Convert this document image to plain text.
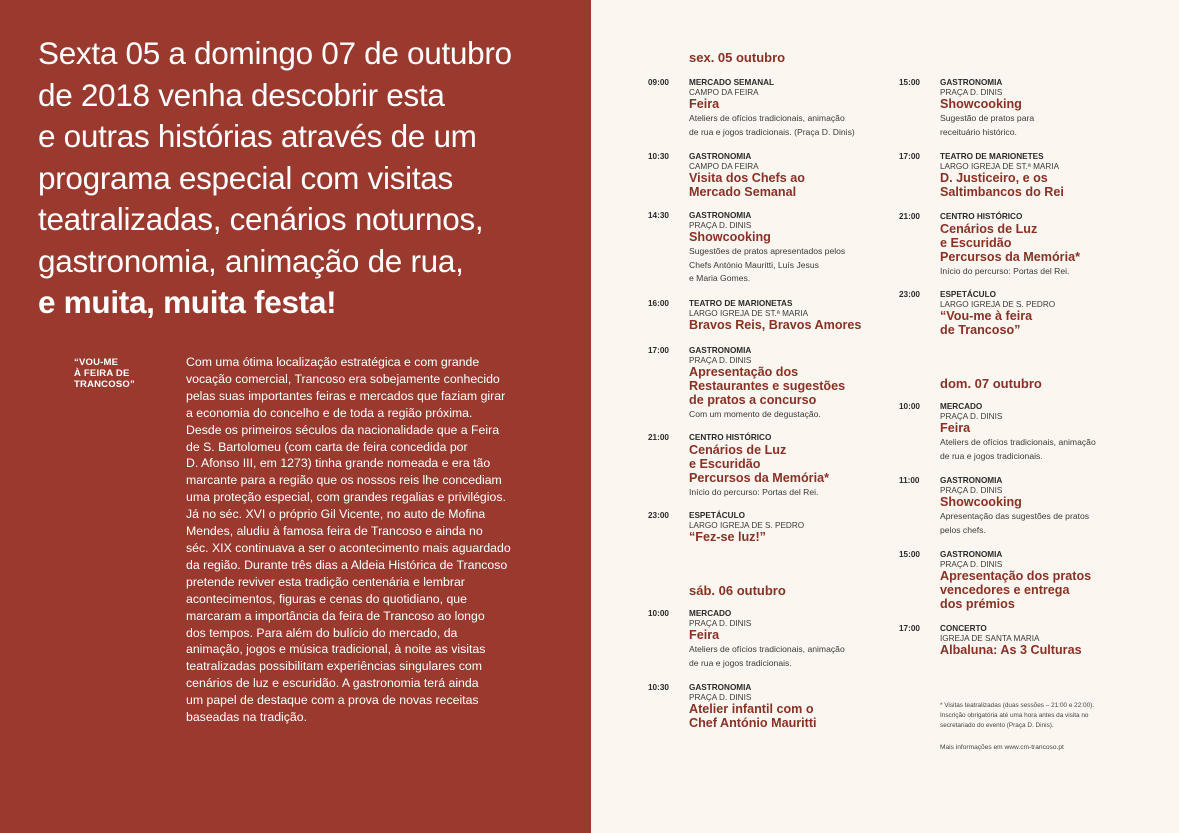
Sexta 05 a domingo 07 de outubro
de 2018 venha descobrir esta
e outras histórias através de um
programa especial com visitas
teatralizadas, cenários noturnos,
gastronomia, animação de rua,
e muita, muita festa!
“VOU-ME
À FEIRA DE
TRANCOSO”
Com uma ótima localização estratégica e com grande
vocação comercial, Trancoso era sobejamente conhecido
pelas suas importantes feiras e mercados que faziam girar
a economia do concelho e de toda a região próxima.
Desde os primeiros séculos da nacionalidade que a Feira
de S. Bartolomeu (com carta de feira concedida por
D. Afonso III, em 1273) tinha grande nomeada e era tão
marcante para a região que os nossos reis lhe concediam
uma proteção especial, com grandes regalias e privilégios.
Já no séc. XVI o próprio Gil Vicente, no auto de Mofina
Mendes, aludiu à famosa feira de Trancoso e ainda no
séc. XIX continuava a ser o acontecimento mais aguardado
da região. Durante três dias a Aldeia Histórica de Trancoso
pretende reviver esta tradição centenária e lembrar
acontecimentos, figuras e cenas do quotidiano, que
marcaram a importância da feira de Trancoso ao longo
dos tempos. Para além do bulício do mercado, da
animação, jogos e música tradicional, à noite as visitas
teatralizadas possibilitam experiências singulares com
cenários de luz e escuridão. A gastronomia terá ainda
um papel de destaque com a prova de novas receitas
baseadas na tradição.
sex. 05 outubro
09:00 MERCADO SEMANAL
CAMPO DA FEIRA
Feira
Ateliers de ofícios tradicionais, animação
de rua e jogos tradicionais. (Praça D. Dinis)
10:30 GASTRONOMIA
CAMPO DA FEIRA
Visita dos Chefs ao
Mercado Semanal
14:30 GASTRONOMIA
PRAÇA D. DINIS
Showcooking
Sugestões de pratos apresentados pelos
Chefs António Mauritti, Luís Jesus
e Maria Gomes.
16:00 TEATRO DE MARIONETAS
LARGO IGREJA DE ST.ª MARIA
Bravos Reis, Bravos Amores
17:00 GASTRONOMIA
PRAÇA D. DINIS
Apresentação dos
Restaurantes e sugestões
de pratos a concurso
Com um momento de degustação.
21:00 CENTRO HISTÓRICO
Cenários de Luz
e Escuridão
Percursos da Memória*
Início do percurso: Portas del Rei.
23:00 ESPETÁCULO
LARGO IGREJA DE S. PEDRO
“Fez-se luz!”
sáb. 06 outubro
10:00 MERCADO
PRAÇA D. DINIS
Feira
Ateliers de ofícios tradicionais, animação
de rua e jogos tradicionais.
10:30 GASTRONOMIA
PRAÇA D. DINIS
Atelier infantil com o
Chef António Mauritti
15:00 GASTRONOMIA
PRAÇA D. DINIS
Showcooking
Sugestão de pratos para
receituário histórico.
17:00 TEATRO DE MARIONETES
LARGO IGREJA DE ST.ª MARIA
D. Justiceiro, e os
Saltimbancos do Rei
21:00 CENTRO HISTÓRICO
Cenários de Luz
e Escuridão
Percursos da Memória*
Início do percurso: Portas del Rei.
23:00 ESPETÁCULO
LARGO IGREJA DE S. PEDRO
“Vou-me à feira
de Trancoso”
dom. 07 outubro
10:00 MERCADO
PRAÇA D. DINIS
Feira
Ateliers de ofícios tradicionais, animação
de rua e jogos tradicionais.
11:00	GASTRONOMIA
PRAÇA D. DINIS
Showcooking
Apresentação das sugestões de pratos
pelos chefs.
15:00 GASTRONOMIA
PRAÇA D. DINIS
Apresentação dos pratos
vencedores e entrega
dos prémios
17:00 CONCERTO
IGREJA DE SANTA MARIA
Albaluna: As 3 Culturas
* Visitas teatralizadas (duas sessões – 21:00 e 22:00).
Inscrição obrigatória até uma hora antes da visita no
secretariado do evento (Praça D. Dinis).
Mais informações em www.cm-trancoso.pt
